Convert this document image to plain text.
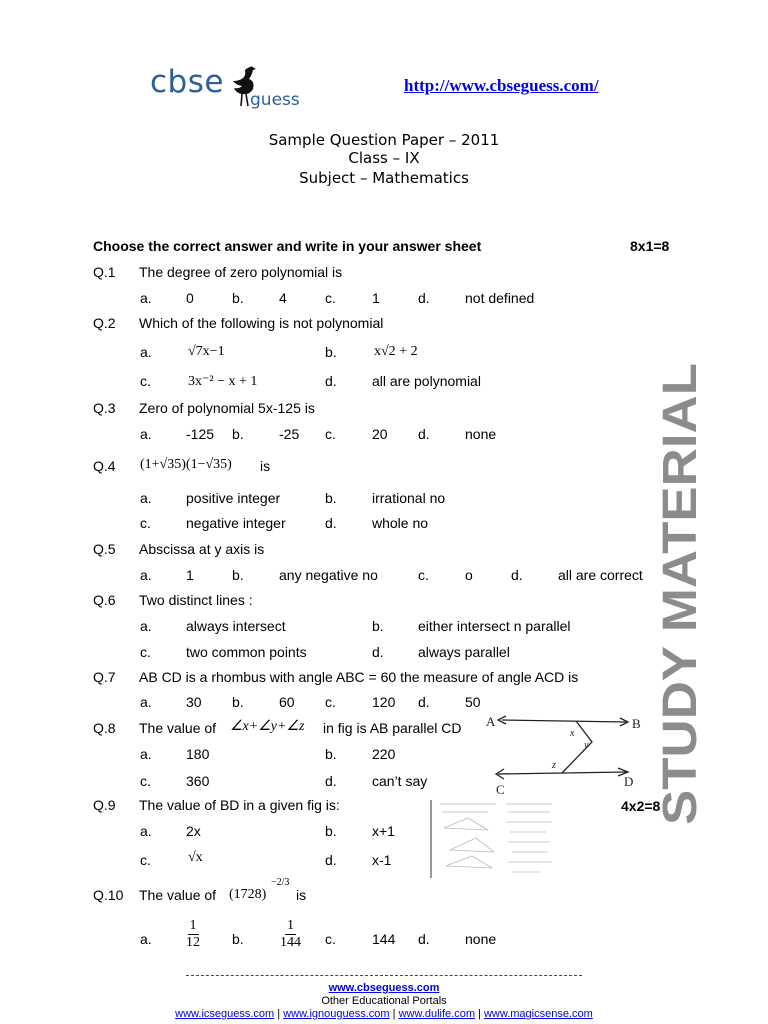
cbse guess
http://www.cbseguess.com/
Sample Question Paper – 2011
Class – IX
Subject – Mathematics
Choose the correct answer and write in your answer sheet	8x1=8
STUDY MATERIAL
Q.1 The degree of zero polynomial is
a. 0	b.	4	c.	1	d.	not defined
Q.2 Which of the following is not polynomial
a.	√7x−1	b.	x√2 + 2
c.	3x⁻² − x + 1	d.	all are polynomial
Q.3 Zero of polynomial 5x-125 is
a. -125 b.	-25 c.	20 d.	none
Q.4 (1+√35)(1−√35) is
a. positive integer	b.	irrational no
c.	negative integer	d.	whole no
Q.5 Abscissa at y axis is
a. 1	b.	any negative no	c.	o	d.	all are correct
Q.6 Two distinct lines :
a. always intersect	b. either intersect n parallel
c.	two common points	d. always parallel
Q.7 AB CD is a rhombus with angle ABC = 60 the measure of angle ACD is
a. 30 b.	60 c.	120 d.	50
Q.8 The value of ∠x+∠y+∠z in fig is AB parallel CD
a. 180	b.	220
c.	360	d.	can’t say
A	B
C
D
x
y
z
Q.9 The value of BD in a given fig is:	4x2=8
a. 2x	b.	x+1
c.	√x	d.	x-1
Q.10 The value of (1728)
−2/3
is
a. $\frac{1}{12} b$.	$\frac{1}{144} c$.	144 d.	none
www.cbseguess.com
Other Educational Portals
www.icseguess.com | www.ignouguess.com | www.dulife.com | www.magicsense.com
